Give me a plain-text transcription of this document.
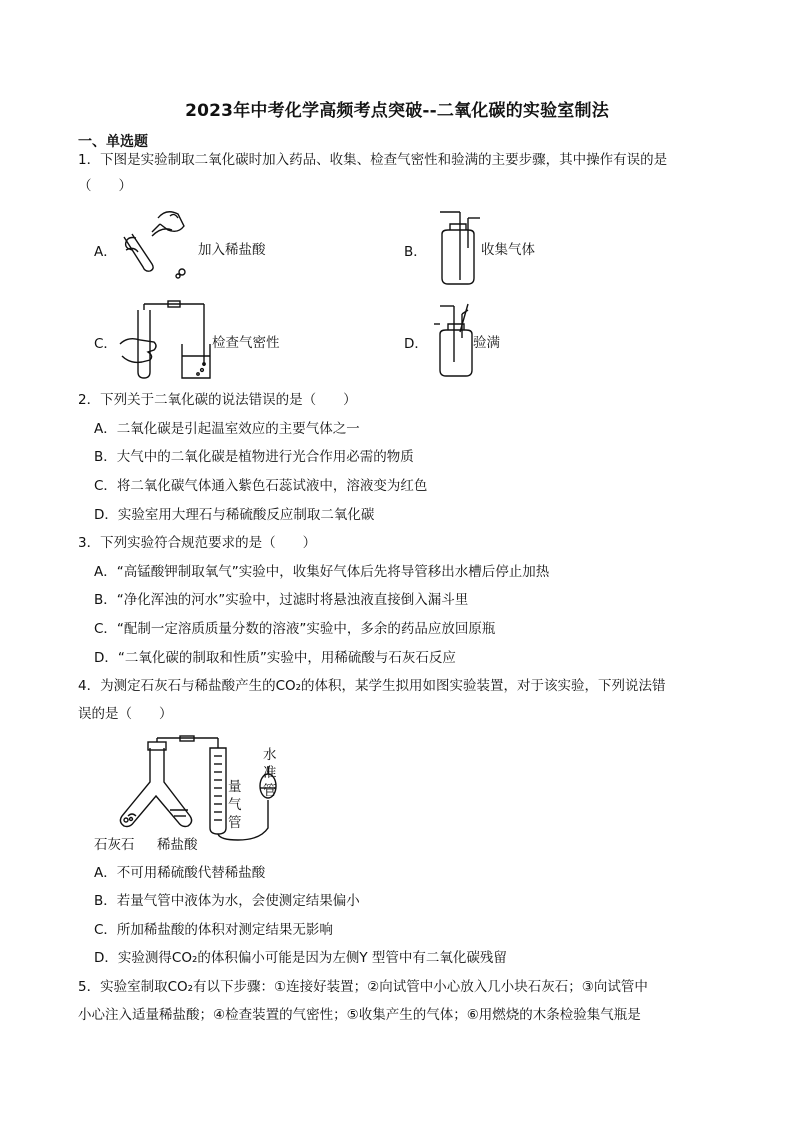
2023年中考化学高频考点突破--二氧化碳的实验室制法
一、单选题
1．下图是实验制取二氧化碳时加入药品、收集、检查气密性和验满的主要步骤，其中操作有误的是
（　　）
A．	加入稀盐酸	B．	收集气体
C．	检查气密性	D．	验满
2．下列关于二氧化碳的说法错误的是（　　）
A．二氧化碳是引起温室效应的主要气体之一
B．大气中的二氧化碳是植物进行光合作用必需的物质
C．将二氧化碳气体通入紫色石蕊试液中，溶液变为红色
D．实验室用大理石与稀硫酸反应制取二氧化碳
3．下列实验符合规范要求的是（　　）
A．“高锰酸钾制取氧气”实验中，收集好气体后先将导管移出水槽后停止加热
B．“净化浑浊的河水”实验中，过滤时将悬浊液直接倒入漏斗里
C．“配制一定溶质质量分数的溶液”实验中，多余的药品应放回原瓶
D．“二氧化碳的制取和性质”实验中，用稀硫酸与石灰石反应
4．为测定石灰石与稀盐酸产生的CO₂的体积，某学生拟用如图实验装置，对于该实验，下列说法错
误的是（　　）
水
准
管
量
气
管
石灰石 稀盐酸
A．不可用稀硫酸代替稀盐酸
B．若量气管中液体为水，会使测定结果偏小
C．所加稀盐酸的体积对测定结果无影响
D．实验测得CO₂的体积偏小可能是因为左侧Y 型管中有二氧化碳残留
5．实验室制取CO₂有以下步骤：①连接好装置；②向试管中小心放入几小块石灰石；③向试管中
小心注入适量稀盐酸；④检查装置的气密性；⑤收集产生的气体；⑥用燃烧的木条检验集气瓶是
